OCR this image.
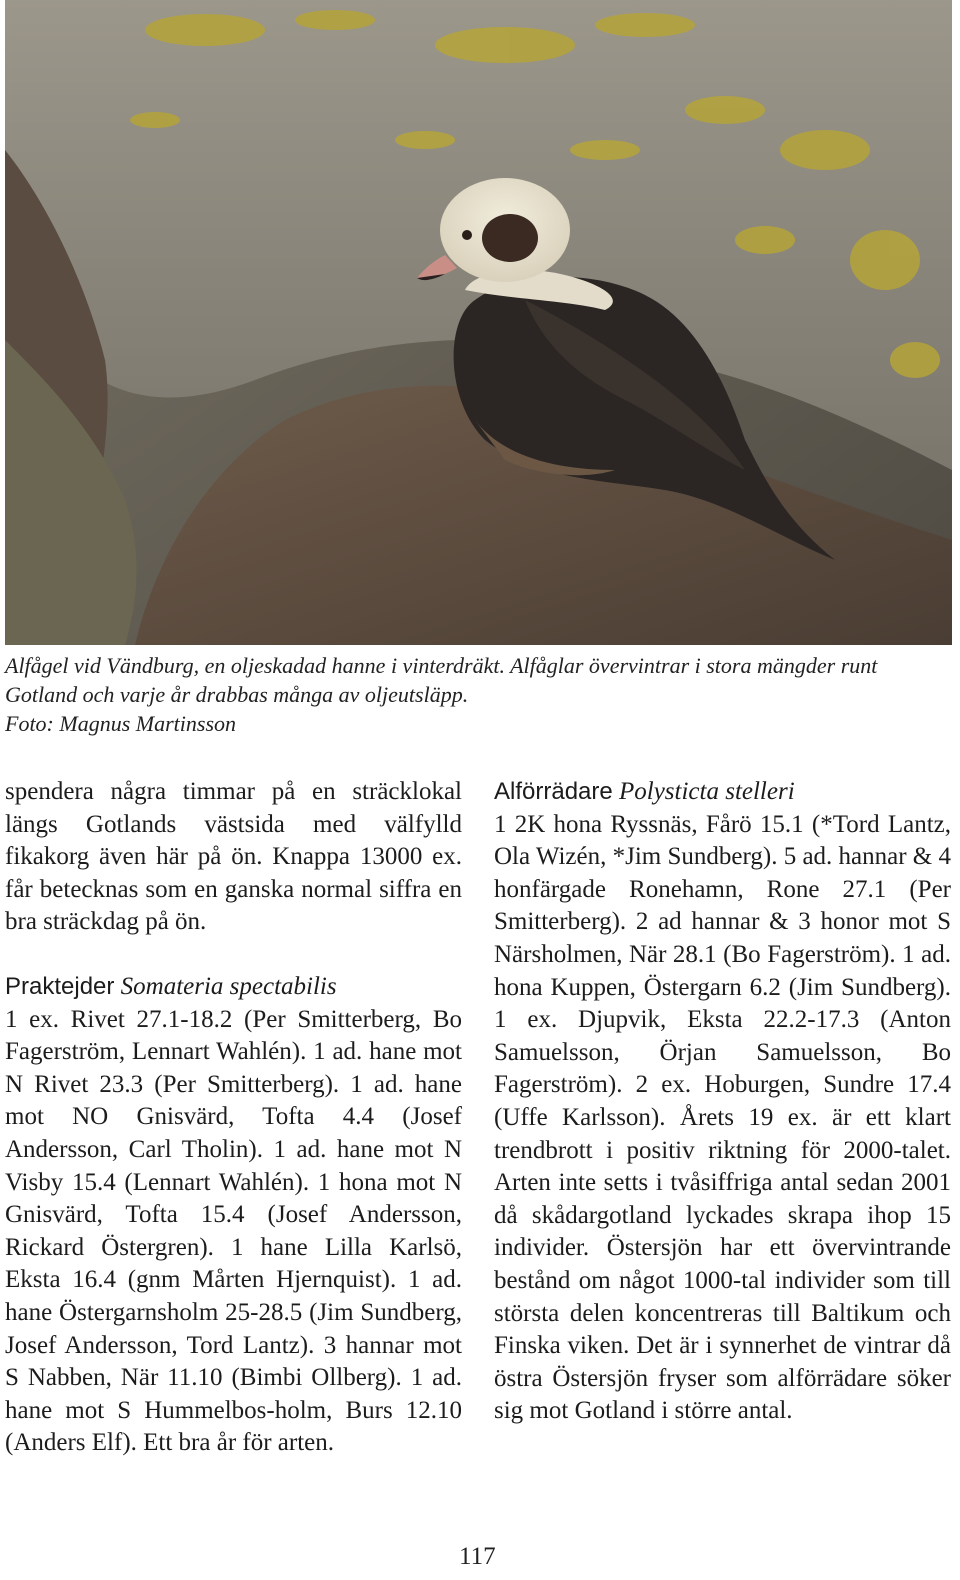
Alfågel vid Vändburg, en oljeskadad hanne i vinterdräkt. Alfåglar övervintrar i stora mängder runt Gotland och varje år drabbas många av oljeutsläpp.

Foto: Magnus Martinsson

spendera några timmar på en sträcklokal längs Gotlands västsida med välfylld fikakorg även här på ön. Knappa 13000 ex. får betecknas som en ganska normal siffra en bra sträckdag på ön.

Praktejder Somateria spectabilis

1 ex. Rivet 27.1-18.2 (Per Smitterberg, Bo Fagerström, Lennart Wahlén). 1 ad. hane mot N Rivet 23.3 (Per Smitterberg). 1 ad. hane mot NO Gnisvärd, Tofta 4.4 (Josef Andersson, Carl Tholin). 1 ad. hane mot N Visby 15.4 (Lennart Wahlén). 1 hona mot N Gnisvärd, Tofta 15.4 (Josef Andersson, Rickard Östergren). 1 hane Lilla Karlsö, Eksta 16.4 (gnm Mårten Hjernquist). 1 ad. hane Östergarnsholm 25-28.5 (Jim Sundberg, Josef Andersson, Tord Lantz). 3 hannar mot S Nabben, När 11.10 (Bimbi Ollberg). 1 ad. hane mot S Hummelbos-holm, Burs 12.10 (Anders Elf). Ett bra år för arten.

Alförrädare Polysticta stelleri

1 2K hona Ryssnäs, Fårö 15.1 (*Tord Lantz, Ola Wizén, *Jim Sundberg). 5 ad. hannar & 4 honfärgade Ronehamn, Rone 27.1 (Per Smitterberg). 2 ad hannar & 3 honor mot S Närsholmen, När 28.1 (Bo Fagerström). 1 ad. hona Kuppen, Östergarn 6.2 (Jim Sundberg). 1 ex. Djupvik, Eksta 22.2-17.3 (Anton Samuelsson, Örjan Samuelsson, Bo Fagerström). 2 ex. Hoburgen, Sundre 17.4 (Uffe Karlsson). Årets 19 ex. är ett klart trendbrott i positiv riktning för 2000-talet. Arten inte setts i tvåsiffriga antal sedan 2001 då skådargotland lyckades skrapa ihop 15 individer. Östersjön har ett övervintrande bestånd om något 1000-tal individer som till största delen koncentreras till Baltikum och Finska viken. Det är i synnerhet de vintrar då östra Östersjön fryser som alförrädare söker sig mot Gotland i större antal.

117
